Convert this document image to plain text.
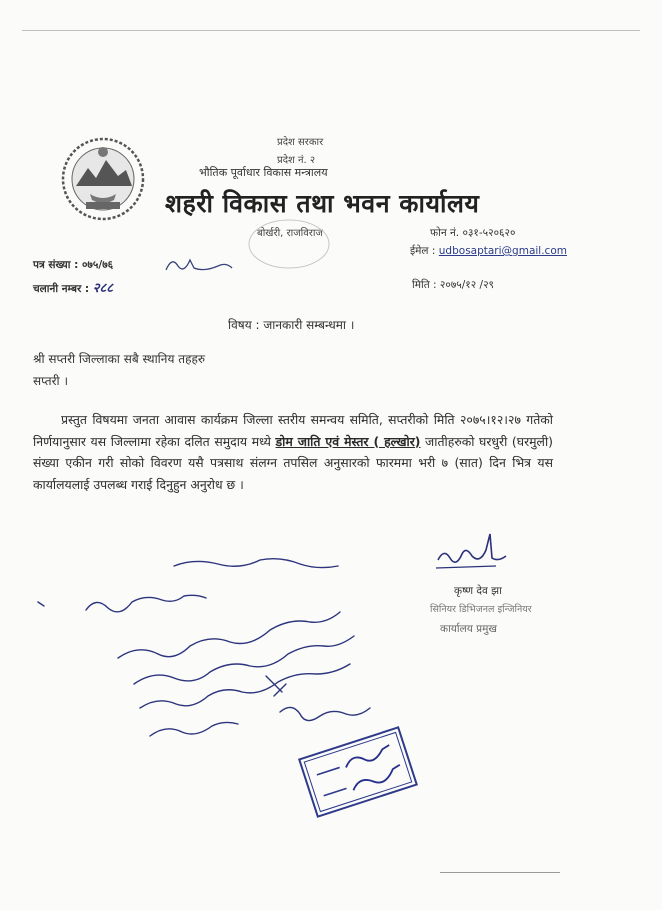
प्रदेश सरकार
प्रदेश नं. २
भौतिक पूर्वाधार विकास मन्त्रालय
शहरी विकास तथा भवन कार्यालय
बोर्खरी, राजविराज	फोन नं. ०३१-५२०६२०
ईमेल : udbosaptari@gmail.com
पत्र संख्या : ०७५/७६
चलानी नम्बर : २८८	मिति : २०७५/१२ /२९
विषय : जानकारी सम्बन्धमा ।
श्री सप्तरी जिल्लाका सबै स्थानिय तहहरु
सप्तरी ।
प्रस्तुत विषयमा जनता आवास कार्यक्रम जिल्ला स्तरीय समन्वय समिति, सप्तरीको मिति २०७५।१२।२७ गतेको निर्णयानुसार यस जिल्लामा रहेका दलित समुदाय मध्ये डोम जाति एवं मेस्तर ( हल्खोर) जातीहरुको घरधुरी (घरमुली) संख्या एकीन गरी सोको विवरण यसै पत्रसाथ संलग्न तपसिल अनुसारको फारममा भरी ७ (सात) दिन भित्र यस कार्यालयलाई उपलब्ध गराई दिनुहुन अनुरोध छ ।
कृष्ण देव झा
सिनियर डिभिजनल इन्जिनियर
कार्यालय प्रमुख
